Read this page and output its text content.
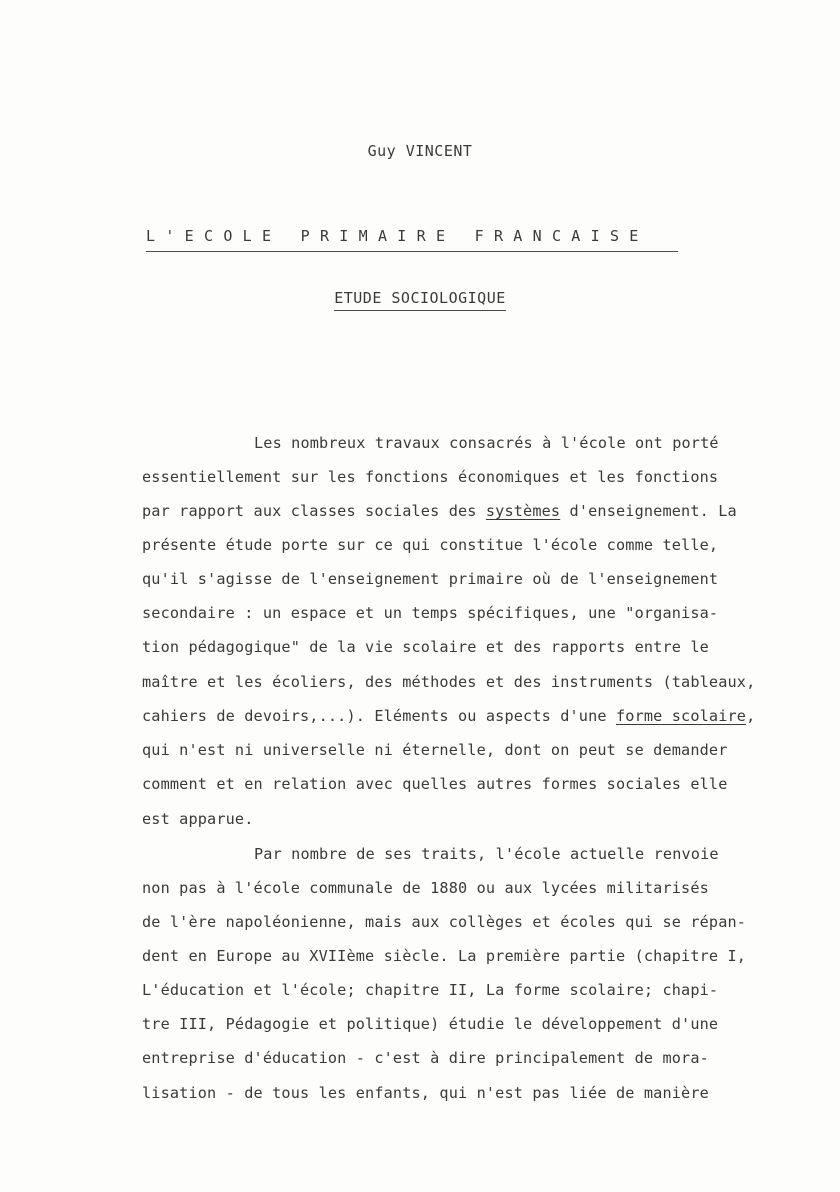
Guy VINCENT
L'ECOLE PRIMAIRE FRANCAISE
ETUDE SOCIOLOGIQUE
Les nombreux travaux consacrés à l'école ont porté
essentiellement sur les fonctions économiques et les fonctions
par rapport aux classes sociales des systèmes d'enseignement. La
présente étude porte sur ce qui constitue l'école comme telle,
qu'il s'agisse de l'enseignement primaire où de l'enseignement
secondaire : un espace et un temps spécifiques, une "organisa-
tion pédagogique" de la vie scolaire et des rapports entre le
maître et les écoliers, des méthodes et des instruments (tableaux,
cahiers de devoirs,...). Eléments ou aspects d'une forme scolaire,
qui n'est ni universelle ni éternelle, dont on peut se demander
comment et en relation avec quelles autres formes sociales elle
est apparue.
Par nombre de ses traits, l'école actuelle renvoie
non pas à l'école communale de 1880 ou aux lycées militarisés
de l'ère napoléonienne, mais aux collèges et écoles qui se répan-
dent en Europe au XVIIème siècle. La première partie (chapitre I,
L'éducation et l'école; chapitre II, La forme scolaire; chapi-
tre III, Pédagogie et politique) étudie le développement d'une
entreprise d'éducation - c'est à dire principalement de mora-
lisation - de tous les enfants, qui n'est pas liée de manière
